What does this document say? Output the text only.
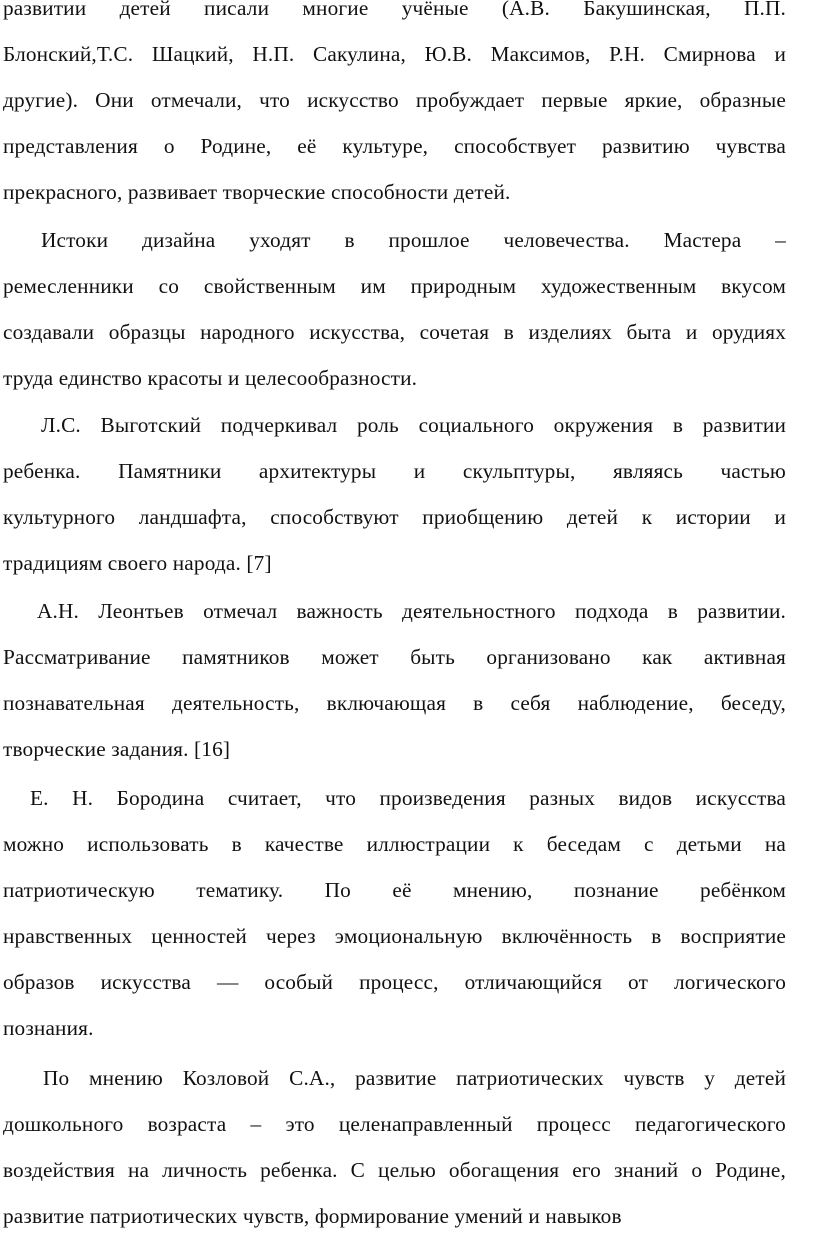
развитии детей писали многие учёные (А.В. Бакушинская, П.П.
Блонский,Т.С. Шацкий, Н.П. Сакулина, Ю.В. Максимов, Р.Н. Смирнова и
другие). Они отмечали, что искусство пробуждает первые яркие, образные
представления о Родине, её культуре, способствует развитию чувства
прекрасного, развивает творческие способности детей.
Истоки дизайна уходят в прошлое человечества. Мастера –
ремесленники со свойственным им природным художественным вкусом
создавали образцы народного искусства, сочетая в изделиях быта и орудиях
труда единство красоты и целесообразности.
Л.С. Выготский подчеркивал роль социального окружения в развитии
ребенка. Памятники архитектуры и скульптуры, являясь частью
культурного ландшафта, способствуют приобщению детей к истории и
традициям своего народа. [7]
А.Н. Леонтьев отмечал важность деятельностного подхода в развитии.
Рассматривание памятников может быть организовано как активная
познавательная деятельность, включающая в себя наблюдение, беседу,
творческие задания. [16]
Е. Н. Бородина считает, что произведения разных видов искусства
можно использовать в качестве иллюстрации к беседам с детьми на
патриотическую тематику. По её мнению, познание ребёнком
нравственных ценностей через эмоциональную включённость в восприятие
образов искусства — особый процесс, отличающийся от логического
познания.
По мнению Козловой С.А., развитие патриотических чувств у детей
дошкольного возраста – это целенаправленный процесс педагогического
воздействия на личность ребенка. С целью обогащения его знаний о Родине,
развитие патриотических чувств, формирование умений и навыков
